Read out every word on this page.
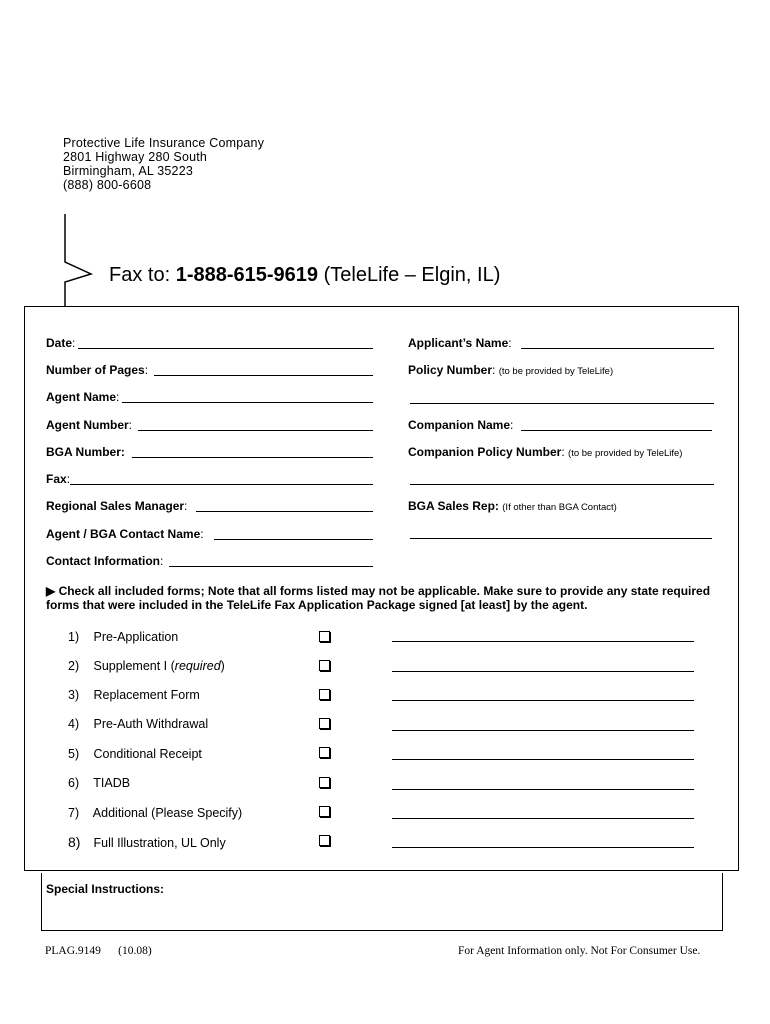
Protective Life Insurance Company
2801 Highway 280 South
Birmingham, AL 35223
(888) 800-6608
Fax to: 1-888-615-9619 (TeleLife – Elgin, IL)
Date:
Number of Pages:
Agent Name:
Agent Number:
BGA Number:
Fax:
Regional Sales Manager:
Agent / BGA Contact Name:
Contact Information:
Applicant’s Name:
Policy Number: (to be provided by TeleLife)
Companion Name:
Companion Policy Number: (to be provided by TeleLife)
BGA Sales Rep: (If other than BGA Contact)
▶ Check all included forms; Note that all forms listed may not be applicable. Make sure to provide any state required forms that were included in the TeleLife Fax Application Package signed [at least] by the agent.
1) Pre-Application
2) Supplement I (required)
3) Replacement Form
4) Pre-Auth Withdrawal
5) Conditional Receipt
6) TIADB
7) Additional (Please Specify)
8) Full Illustration, UL Only
Special Instructions:
PLAG.9149 (10.08)	For Agent Information only. Not For Consumer Use.
